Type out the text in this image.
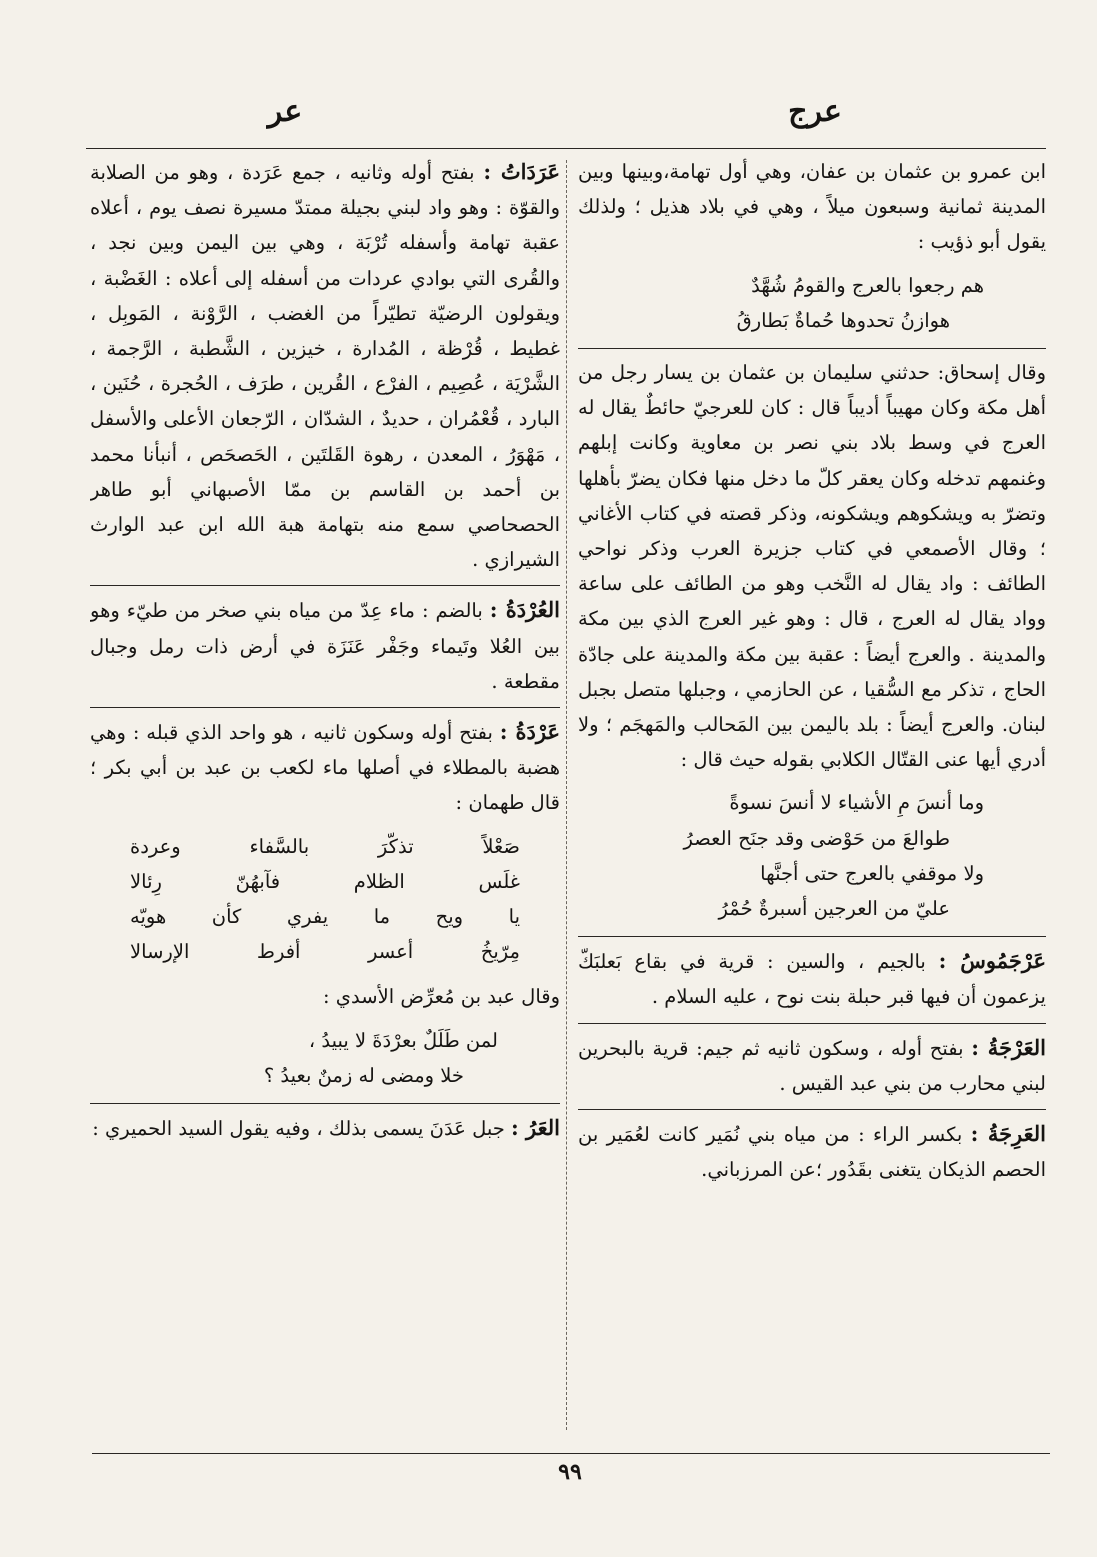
عرج
عر

ابن عمرو بن عثمان بن عفان، وهي أول تهامة،وبينها وبين المدينة ثمانية وسبعون ميلاً ، وهي في بلاد هذيل ؛ ولذلك يقول أبو ذؤيب :

هم رجعوا بالعرج والقومُ شُهَّدٌ
هوازنُ تحدوها حُماةٌ بَطارقُ

وقال إسحاق: حدثني سليمان بن عثمان بن يسار رجل من أهل مكة وكان مهيباً أديباً قال : كان للعرجيّ حائطٌ يقال له العرج في وسط بلاد بني نصر بن معاوية وكانت إبلهم وغنمهم تدخله وكان يعقر كلّ ما دخل منها فكان يضرّ بأهلها وتضرّ به ويشكوهم ويشكونه، وذكر قصته في كتاب الأغاني ؛ وقال الأصمعي في كتاب جزيرة العرب وذكر نواحي الطائف : واد يقال له النَّخب وهو من الطائف على ساعة وواد يقال له العرج ، قال : وهو غير العرج الذي بين مكة والمدينة . والعرج أيضاً : عقبة بين مكة والمدينة على جادّة الحاج ، تذكر مع السُّقيا ، عن الحازمي ، وجبلها متصل بجبل لبنان. والعرج أيضاً : بلد باليمن بين المَحالب والمَهجَم ؛ ولا أدري أيها عنى القتّال الكلابي بقوله حيث قال :

وما أنسَ مِ الأشياء لا أنسَ نسوةً
طوالعَ من حَوْضى وقد جنَح العصرُ
ولا موقفي بالعرج حتى أجنَّها
عليّ من العرجين أسبرةٌ حُمْرُ

عَرْجَمُوسُ : بالجيم ، والسين : قرية في بقاع بَعلبَكّ يزعمون أن فيها قبر حبلة بنت نوح ، عليه السلام .

العَرْجَةُ : بفتح أوله ، وسكون ثانيه ثم جيم: قرية بالبحرين لبني محارب من بني عبد القيس .

العَرِجَةُ : بكسر الراء : من مياه بني نُمَير كانت لعُمَير بن الحصم الذيكان يتغنى بقَدُور ؛عن المرزباني.

عَرَدَاتُ : بفتح أوله وثانيه ، جمع عَرَدة ، وهو من الصلابة والقوّة : وهو واد لبني بجيلة ممتدّ مسيرة نصف يوم ، أعلاه عقبة تهامة وأسفله تُرْبَة ، وهي بين اليمن وبين نجد ، والقُرى التي بوادي عردات من أسفله إلى أعلاه : الغَضْبة ، ويقولون الرضيّة تطيّراً من الغضب ، الرَّوْنة ، المَوبِل ، غطيط ، قُرْظة ، المُدارة ، خيزين ، الشَّطبة ، الرَّجمة ، الشَّرْيَة ، عُصِيم ، الفرْع ، القُرين ، طرَف ، الحُجرة ، حُنَين ، البارد ، قُعْمُران ، حديدٌ ، الشدّان ، الرّجعان الأعلى والأسفل ، مَهْوَرُ ، المعدن ، رهوة القَلتَين ، الحَصحَص ، أنبأنا محمد بن أحمد بن القاسم بن ممّا الأصبهاني أبو طاهر الحصحاصي سمع منه بتهامة هبة الله ابن عبد الوارث الشيرازي .

العُرْدَةُ : بالضم : ماء عِدّ من مياه بني صخر من طيّء وهو بين العُلا وتَيماء وجَفْر عَنَزَة في أرض ذات رمل وجبال مقطعة .

عَرْدَةُ : بفتح أوله وسكون ثانيه ، هو واحد الذي قبله : وهي هضبة بالمطلاء في أصلها ماء لكعب بن عبد بن أبي بكر ؛ قال طهمان :

صَعْلاً
تذكّرَ
بالسَّفاء
وعردة
غلَس
الظلام
فآبهُنّ
رِئالا
يا
ويح
ما
يفري
كأن
هويّه
مِرّيخُ
أعسر
أفرط
الإرسالا

وقال عبد بن مُعرِّض الأسدي :

لمن طَلَلٌ بعرْدَةَ لا يبيدُ ،
خلا ومضى له زمنٌ بعيدُ ؟

العَرُ : جبل عَدَنَ يسمى بذلك ، وفيه يقول السيد الحميري :

٩٩
